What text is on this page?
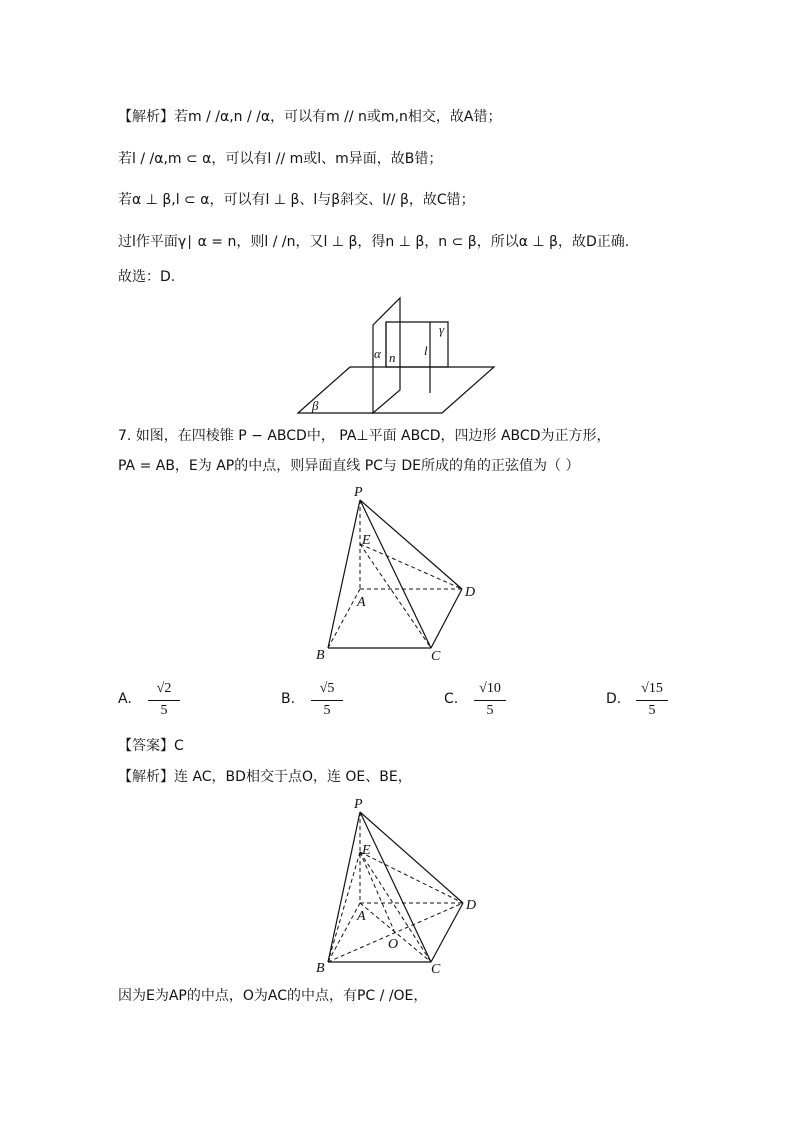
【解析】若m / /α,n / /α，可以有m // n或m,n相交，故A错；
若l / /α,m ⊂ α，可以有l // m或l、m异面，故B错；
若α ⊥ β,l ⊂ α，可以有l ⊥ β、l与β斜交、l// β，故C错；
过l作平面γ∣ α = n，则l / /n，又l ⊥ β，得n ⊥ β，n ⊂ β，所以α ⊥ β，故D正确.
故选：D.
α n l
γ
β
7. 如图，在四棱锥 P − ABCD中， PA⊥平面 ABCD，四边形 ABCD为正方形，
PA = AB，E为 AP的中点，则异面直线 PC与 DE所成的角的正弦值为（ ）
P
E
A
D
B	C
A.
√2
5
B.
√5
5
C.
√10
5
D.
√15
5
【答案】C
【解析】连 AC，BD相交于点O，连 OE、BE，
P
E
A
D
O
B	C
因为E为AP的中点，O为AC的中点，有PC / /OE，
